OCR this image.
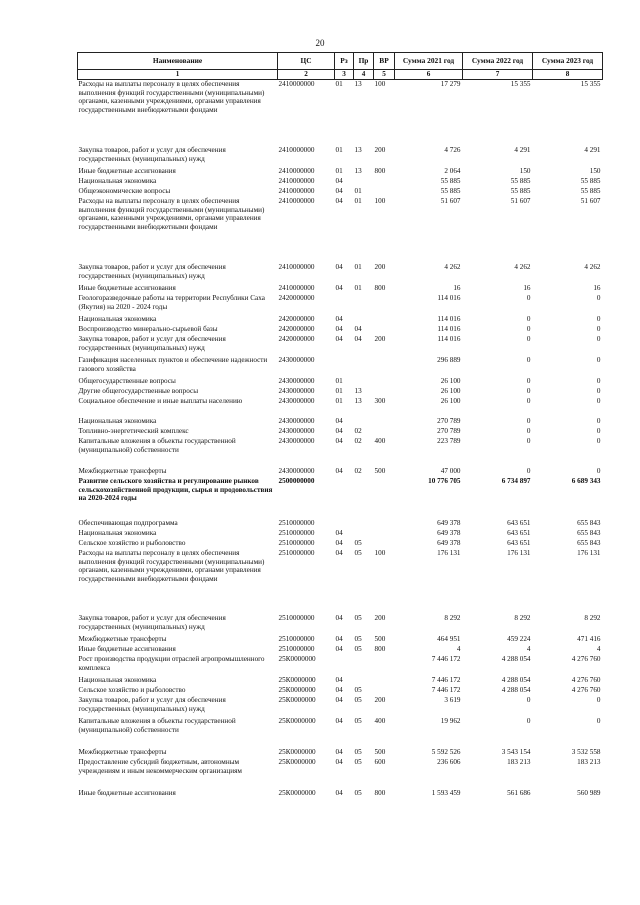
20
Наименование	ЦС	Рз	Пр	ВР	Сумма 2021 год	Сумма 2022 год	Сумма 2023 год
1	2	3	4	5	6	7	8
Расходы на выплаты персоналу в целях обеспечения выполнения функций государственными (муниципальными) органами, казенными учреждениями, органами управления государственными внебюджетными фондами	2410000000	01	13	100	17 279	15 355	15 355
Закупка товаров, работ и услуг для обеспечения государственных (муниципальных) нужд	2410000000	01	13	200	4 726	4 291	4 291
Иные бюджетные ассигнования	2410000000	01	13	800	2 064	150	150
Национальная экономика	2410000000	04			55 885	55 885	55 885
Общеэкономические вопросы	2410000000	04	01		55 885	55 885	55 885
Расходы на выплаты персоналу в целях обеспечения выполнения функций государственными (муниципальными) органами, казенными учреждениями, органами управления государственными внебюджетными фондами	2410000000	04	01	100	51 607	51 607	51 607
Закупка товаров, работ и услуг для обеспечения государственных (муниципальных) нужд	2410000000	04	01	200	4 262	4 262	4 262
Иные бюджетные ассигнования	2410000000	04	01	800	16	16	16
Геологоразведочные работы на территории Республики Саха (Якутия) на 2020 - 2024 годы	2420000000				114 016	0	0
Национальная экономика	2420000000	04			114 016	0	0
Воспроизводство минерально-сырьевой базы	2420000000	04	04		114 016	0	0
Закупка товаров, работ и услуг для обеспечения государственных (муниципальных) нужд	2420000000	04	04	200	114 016	0	0
Газификация населенных пунктов и обеспечение надежности газового хозяйства	2430000000				296 889	0	0
Общегосударственные вопросы	2430000000	01			26 100	0	0
Другие общегосударственные вопросы	2430000000	01	13		26 100	0	0
Социальное обеспечение и иные выплаты населению	2430000000	01	13	300	26 100	0	0
Национальная экономика	2430000000	04			270 789	0	0
Топливно-энергетический комплекс	2430000000	04	02		270 789	0	0
Капитальные вложения в объекты государственной (муниципальной) собственности	2430000000	04	02	400	223 789	0	0
Межбюджетные трансферты	2430000000	04	02	500	47 000	0	0
Развитие сельского хозяйства и регулирование рынков сельскохозяйственной продукции, сырья и продовольствия на 2020-2024 годы	2500000000				10 776 705	6 734 897	6 689 343
Обеспечивающая подпрограмма	2510000000				649 378	643 651	655 843
Национальная экономика	2510000000	04			649 378	643 651	655 843
Сельское хозяйство и рыболовство	2510000000	04	05		649 378	643 651	655 843
Расходы на выплаты персоналу в целях обеспечения выполнения функций государственными (муниципальными) органами, казенными учреждениями, органами управления государственными внебюджетными фондами	2510000000	04	05	100	176 131	176 131	176 131
Закупка товаров, работ и услуг для обеспечения государственных (муниципальных) нужд	2510000000	04	05	200	8 292	8 292	8 292
Межбюджетные трансферты	2510000000	04	05	500	464 951	459 224	471 416
Иные бюджетные ассигнования	2510000000	04	05	800	4	4	4
Рост производства продукции отраслей агропромышленного комплекса	25К0000000				7 446 172	4 288 054	4 276 760
Национальная экономика	25К0000000	04			7 446 172	4 288 054	4 276 760
Сельское хозяйство и рыболовство	25К0000000	04	05		7 446 172	4 288 054	4 276 760
Закупка товаров, работ и услуг для обеспечения государственных (муниципальных) нужд	25К0000000	04	05	200	3 619	0	0
Капитальные вложения в объекты государственной (муниципальной) собственности	25К0000000	04	05	400	19 962	0	0
Межбюджетные трансферты	25К0000000	04	05	500	5 592 526	3 543 154	3 532 558
Предоставление субсидий бюджетным, автономным учреждениям и иным некоммерческим организациям	25К0000000	04	05	600	236 606	183 213	183 213
Иные бюджетные ассигнования	25К0000000	04	05	800	1 593 459	561 686	560 989
